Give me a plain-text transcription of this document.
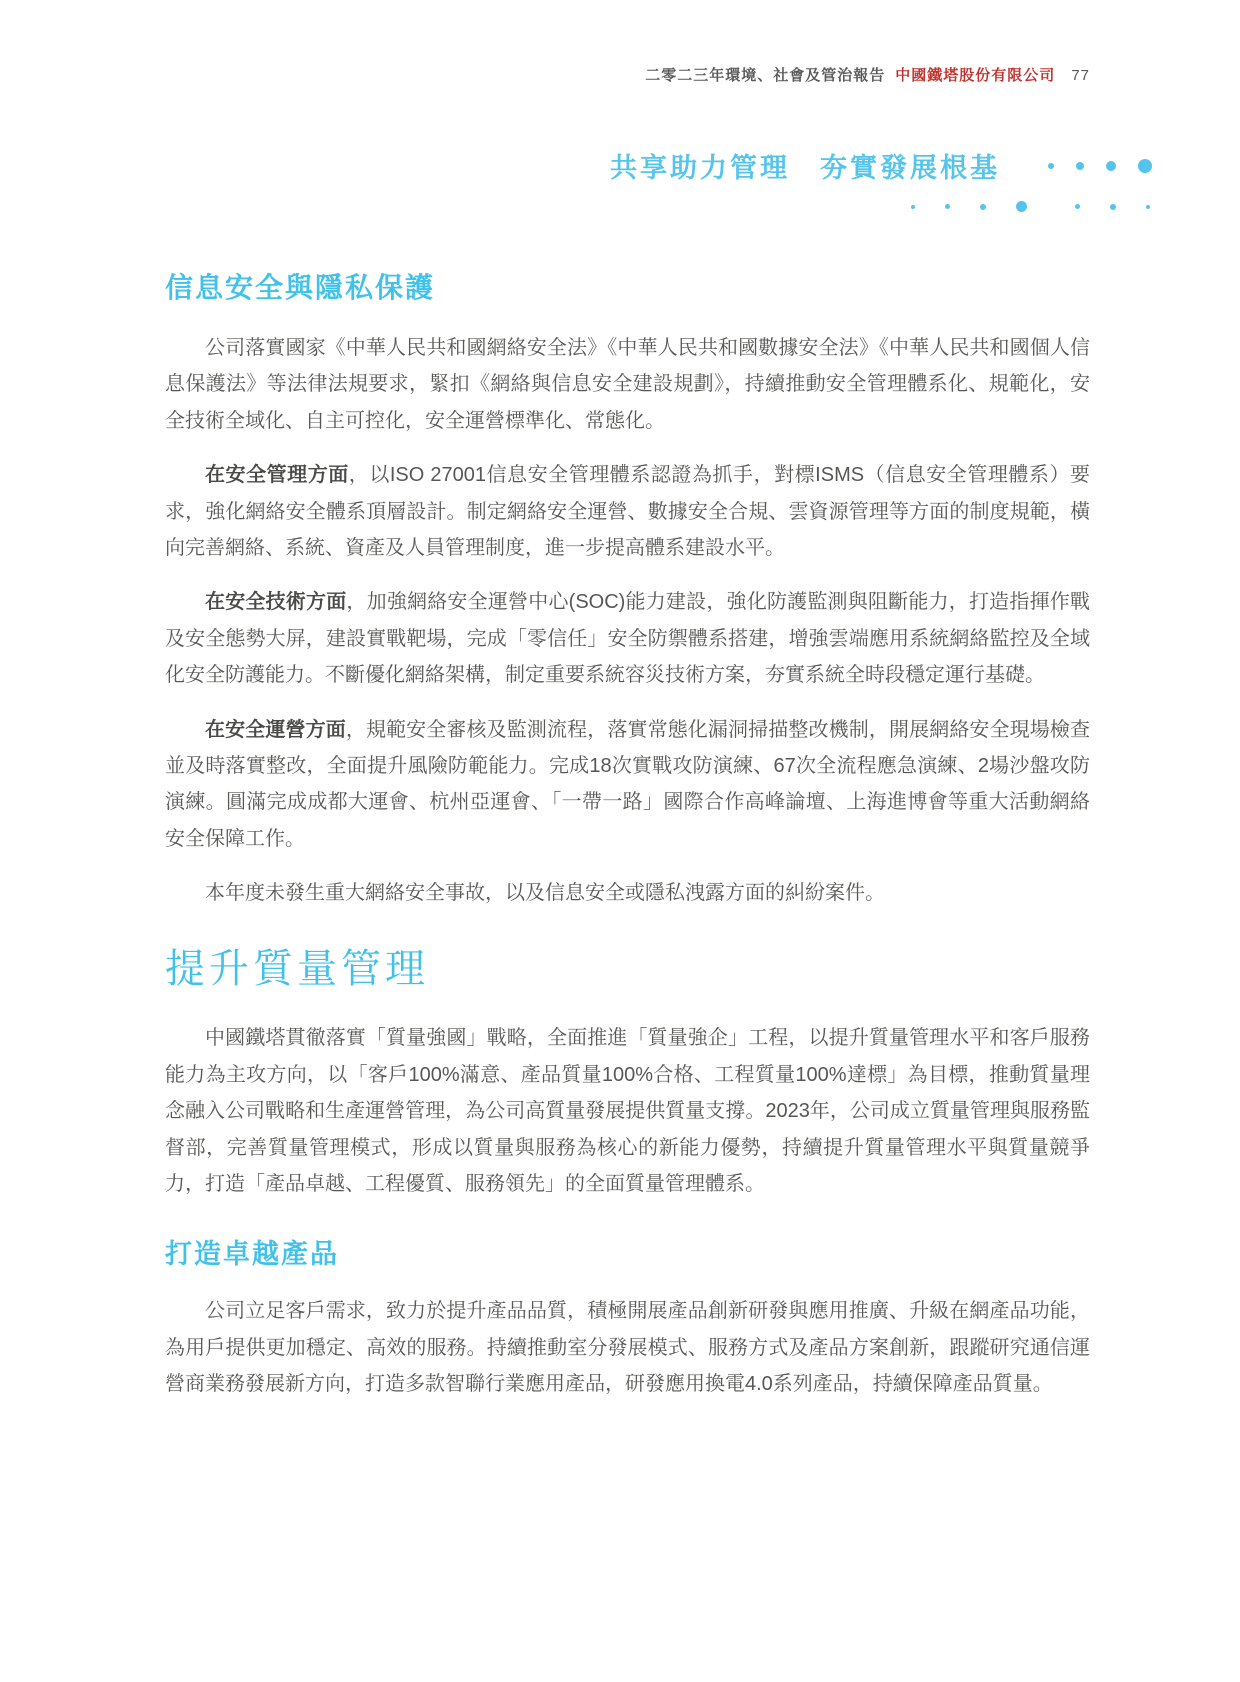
二零二三年環境、社會及管治報告 中國鐵塔股份有限公司 77
共享助力管理　夯實發展根基
信息安全與隱私保護

公司落實國家《中華人民共和國網絡安全法》《中華人民共和國數據安全法》《中華人民共和國個人信息保護法》等法律法規要求，緊扣《網絡與信息安全建設規劃》，持續推動安全管理體系化、規範化，安全技術全域化、自主可控化，安全運營標準化、常態化。

在安全管理方面，以ISO 27001信息安全管理體系認證為抓手，對標ISMS（信息安全管理體系）要求，強化網絡安全體系頂層設計。制定網絡安全運營、數據安全合規、雲資源管理等方面的制度規範，橫向完善網絡、系統、資產及人員管理制度，進一步提高體系建設水平。

在安全技術方面，加強網絡安全運營中心(SOC)能力建設，強化防護監測與阻斷能力，打造指揮作戰及安全態勢大屏，建設實戰靶場，完成「零信任」安全防禦體系搭建，增強雲端應用系統網絡監控及全域化安全防護能力。不斷優化網絡架構，制定重要系統容災技術方案，夯實系統全時段穩定運行基礎。

在安全運營方面，規範安全審核及監測流程，落實常態化漏洞掃描整改機制，開展網絡安全現場檢查並及時落實整改，全面提升風險防範能力。完成18次實戰攻防演練、67次全流程應急演練、2場沙盤攻防演練。圓滿完成成都大運會、杭州亞運會、「一帶一路」國際合作高峰論壇、上海進博會等重大活動網絡安全保障工作。

本年度未發生重大網絡安全事故，以及信息安全或隱私洩露方面的糾紛案件。

提升質量管理

中國鐵塔貫徹落實「質量強國」戰略，全面推進「質量強企」工程，以提升質量管理水平和客戶服務能力為主攻方向，以「客戶100%滿意、產品質量100%合格、工程質量100%達標」為目標，推動質量理念融入公司戰略和生產運營管理，為公司高質量發展提供質量支撐。2023年，公司成立質量管理與服務監督部，完善質量管理模式，形成以質量與服務為核心的新能力優勢，持續提升質量管理水平與質量競爭力，打造「產品卓越、工程優質、服務領先」的全面質量管理體系。

打造卓越產品

公司立足客戶需求，致力於提升產品品質，積極開展產品創新研發與應用推廣、升級在網產品功能，為用戶提供更加穩定、高效的服務。持續推動室分發展模式、服務方式及產品方案創新，跟蹤研究通信運營商業務發展新方向，打造多款智聯行業應用產品，研發應用換電4.0系列產品，持續保障產品質量。
